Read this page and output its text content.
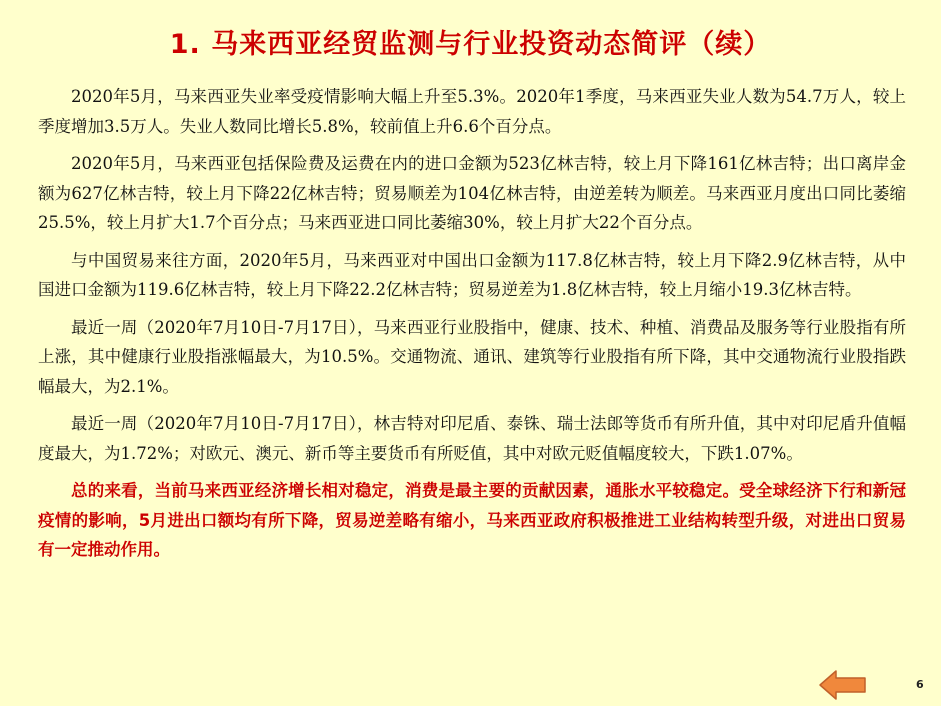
1. 马来西亚经贸监测与行业投资动态简评（续）

2020年5月，马来西亚失业率受疫情影响大幅上升至5.3%。2020年1季度，马来西亚失业人数为54.7万人，较上季度增加3.5万人。失业人数同比增长5.8%，较前值上升6.6个百分点。

2020年5月，马来西亚包括保险费及运费在内的进口金额为523亿林吉特，较上月下降161亿林吉特；出口离岸金额为627亿林吉特，较上月下降22亿林吉特；贸易顺差为104亿林吉特，由逆差转为顺差。马来西亚月度出口同比萎缩25.5%，较上月扩大1.7个百分点；马来西亚进口同比萎缩30%，较上月扩大22个百分点。

与中国贸易来往方面，2020年5月，马来西亚对中国出口金额为117.8亿林吉特，较上月下降2.9亿林吉特，从中国进口金额为119.6亿林吉特，较上月下降22.2亿林吉特；贸易逆差为1.8亿林吉特，较上月缩小19.3亿林吉特。

最近一周（2020年7月10日-7月17日），马来西亚行业股指中，健康、技术、种植、消费品及服务等行业股指有所上涨，其中健康行业股指涨幅最大，为10.5%。交通物流、通讯、建筑等行业股指有所下降，其中交通物流行业股指跌幅最大，为2.1%。

最近一周（2020年7月10日-7月17日），林吉特对印尼盾、泰铢、瑞士法郎等货币有所升值，其中对印尼盾升值幅度最大，为1.72%；对欧元、澳元、新币等主要货币有所贬值，其中对欧元贬值幅度较大，下跌1.07%。

总的来看，当前马来西亚经济增长相对稳定，消费是最主要的贡献因素，通胀水平较稳定。受全球经济下行和新冠疫情的影响，5月进出口额均有所下降，贸易逆差略有缩小，马来西亚政府积极推进工业结构转型升级，对进出口贸易有一定推动作用。

6
